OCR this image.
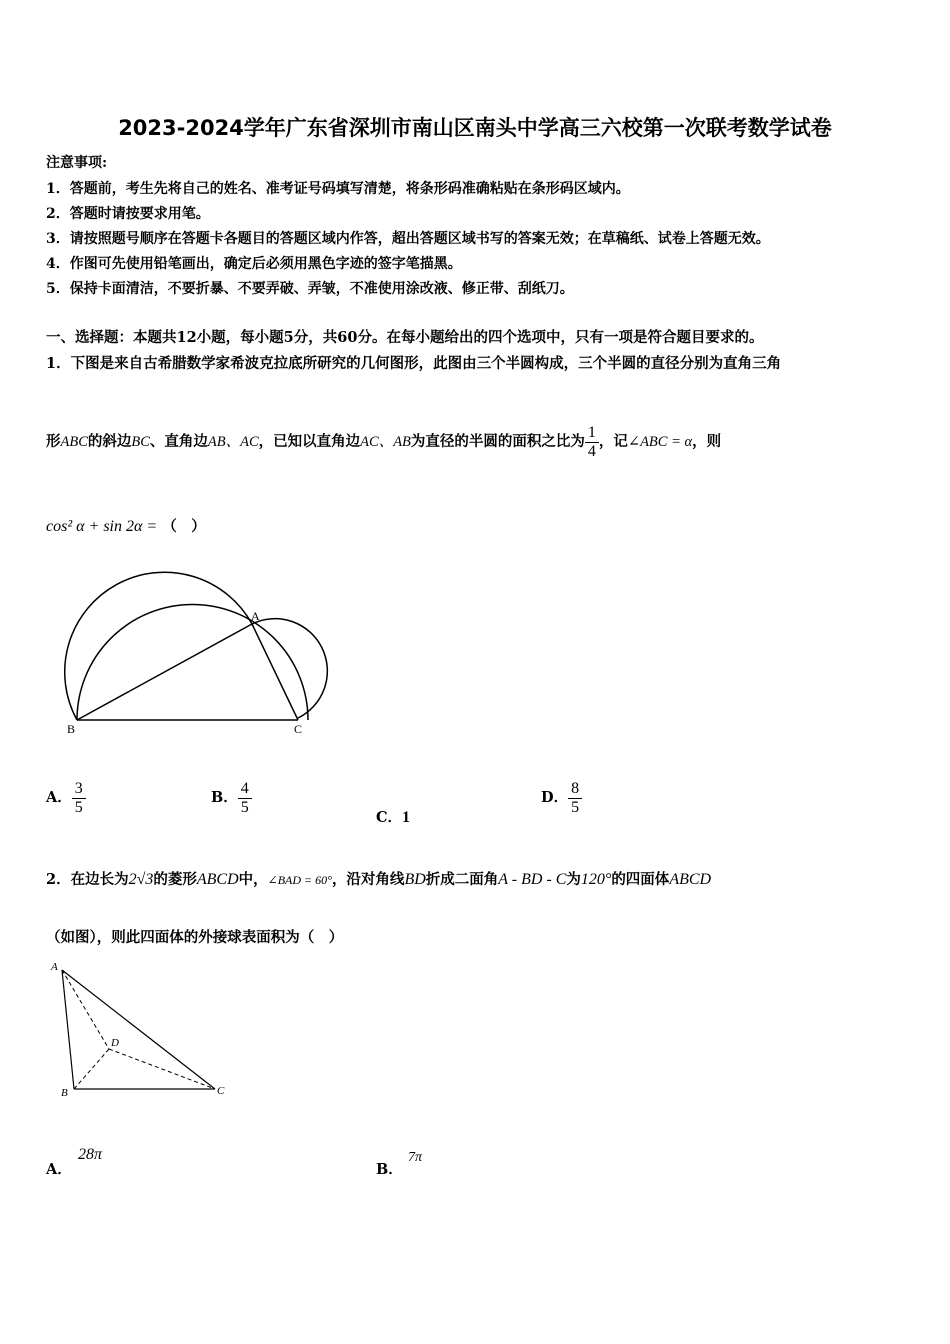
2023-2024学年广东省深圳市南山区南头中学高三六校第一次联考数学试卷
注意事项:
1．答题前，考生先将自己的姓名、准考证号码填写清楚，将条形码准确粘贴在条形码区域内。
2．答题时请按要求用笔。
3．请按照题号顺序在答题卡各题目的答题区域内作答，超出答题区域书写的答案无效；在草稿纸、试卷上答题无效。
4．作图可先使用铅笔画出，确定后必须用黑色字迹的签字笔描黑。
5．保持卡面清洁，不要折暴、不要弄破、弄皱，不准使用涂改液、修正带、刮纸刀。
一、选择题：本题共12小题，每小题5分，共60分。在每小题给出的四个选项中，只有一项是符合题目要求的。
1．下图是来自古希腊数学家希波克拉底所研究的几何图形，此图由三个半圆构成，三个半圆的直径分别为直角三角
形ABC的斜边BC、直角边AB、AC，已知以直角边AC、AB为直径的半圆的面积之比为 $\frac{1}{4}$ ，记∠ABC = α，则
cos² α + sin 2α = （　）
A
B	C
A． $\frac{3}{5}$	B． $\frac{4}{5}$
C．1
D． $\frac{8}{5}$
2．在边长为2√3的菱形ABCD中，∠BAD = 60°，沿对角线BD折成二面角A - BD - C为120°的四面体ABCD
（如图），则此四面体的外接球表面积为（　）
A
B	C
D
A．
28π
B．
7π
